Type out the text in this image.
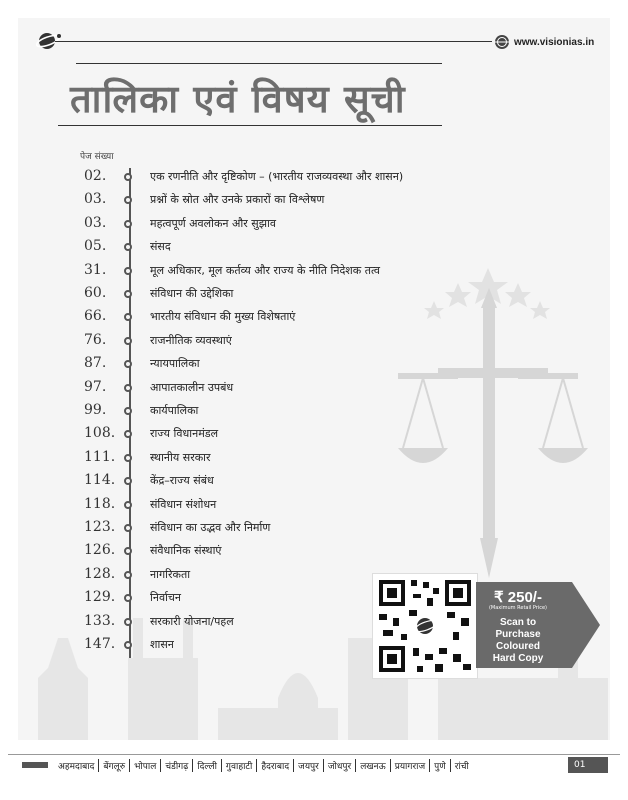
www.visionias.in
तालिका एवं विषय सूची
पेज संख्या
02.	एक रणनीति और दृष्टिकोण – (भारतीय राजव्यवस्था और शासन)
03.	प्रश्नों के स्रोत और उनके प्रकारों का विश्लेषण
03.	महत्वपूर्ण अवलोकन और सुझाव
05.	संसद
31.	मूल अधिकार, मूल कर्तव्य और राज्य के नीति निदेशक तत्व
60.	संविधान की उद्देशिका
66.	भारतीय संविधान की मुख्य विशेषताएं
76.	राजनीतिक व्यवस्थाएं
87.	न्यायपालिका
97.	आपातकालीन उपबंध
99.	कार्यपालिका
108.	राज्य विधानमंडल
111.	स्थानीय सरकार
114.	केंद्र–राज्य संबंध
118.	संविधान संशोधन
123.	संविधान का उद्भव और निर्माण
126.	संवैधानिक संस्थाएं
128.	नागरिकता
129.	निर्वाचन
133.	सरकारी योजना/पहल
147.	शासन
₹ 250/-
(Maximum Retail Price)
Scan to
Purchase
Coloured
Hard Copy
अहमदाबाद	बेंगलूरु	भोपाल	चंडीगढ़	दिल्ली	गुवाहाटी	हैदराबाद	जयपुर	जोधपुर	लखनऊ	प्रयागराज	पुणे	रांची	01
